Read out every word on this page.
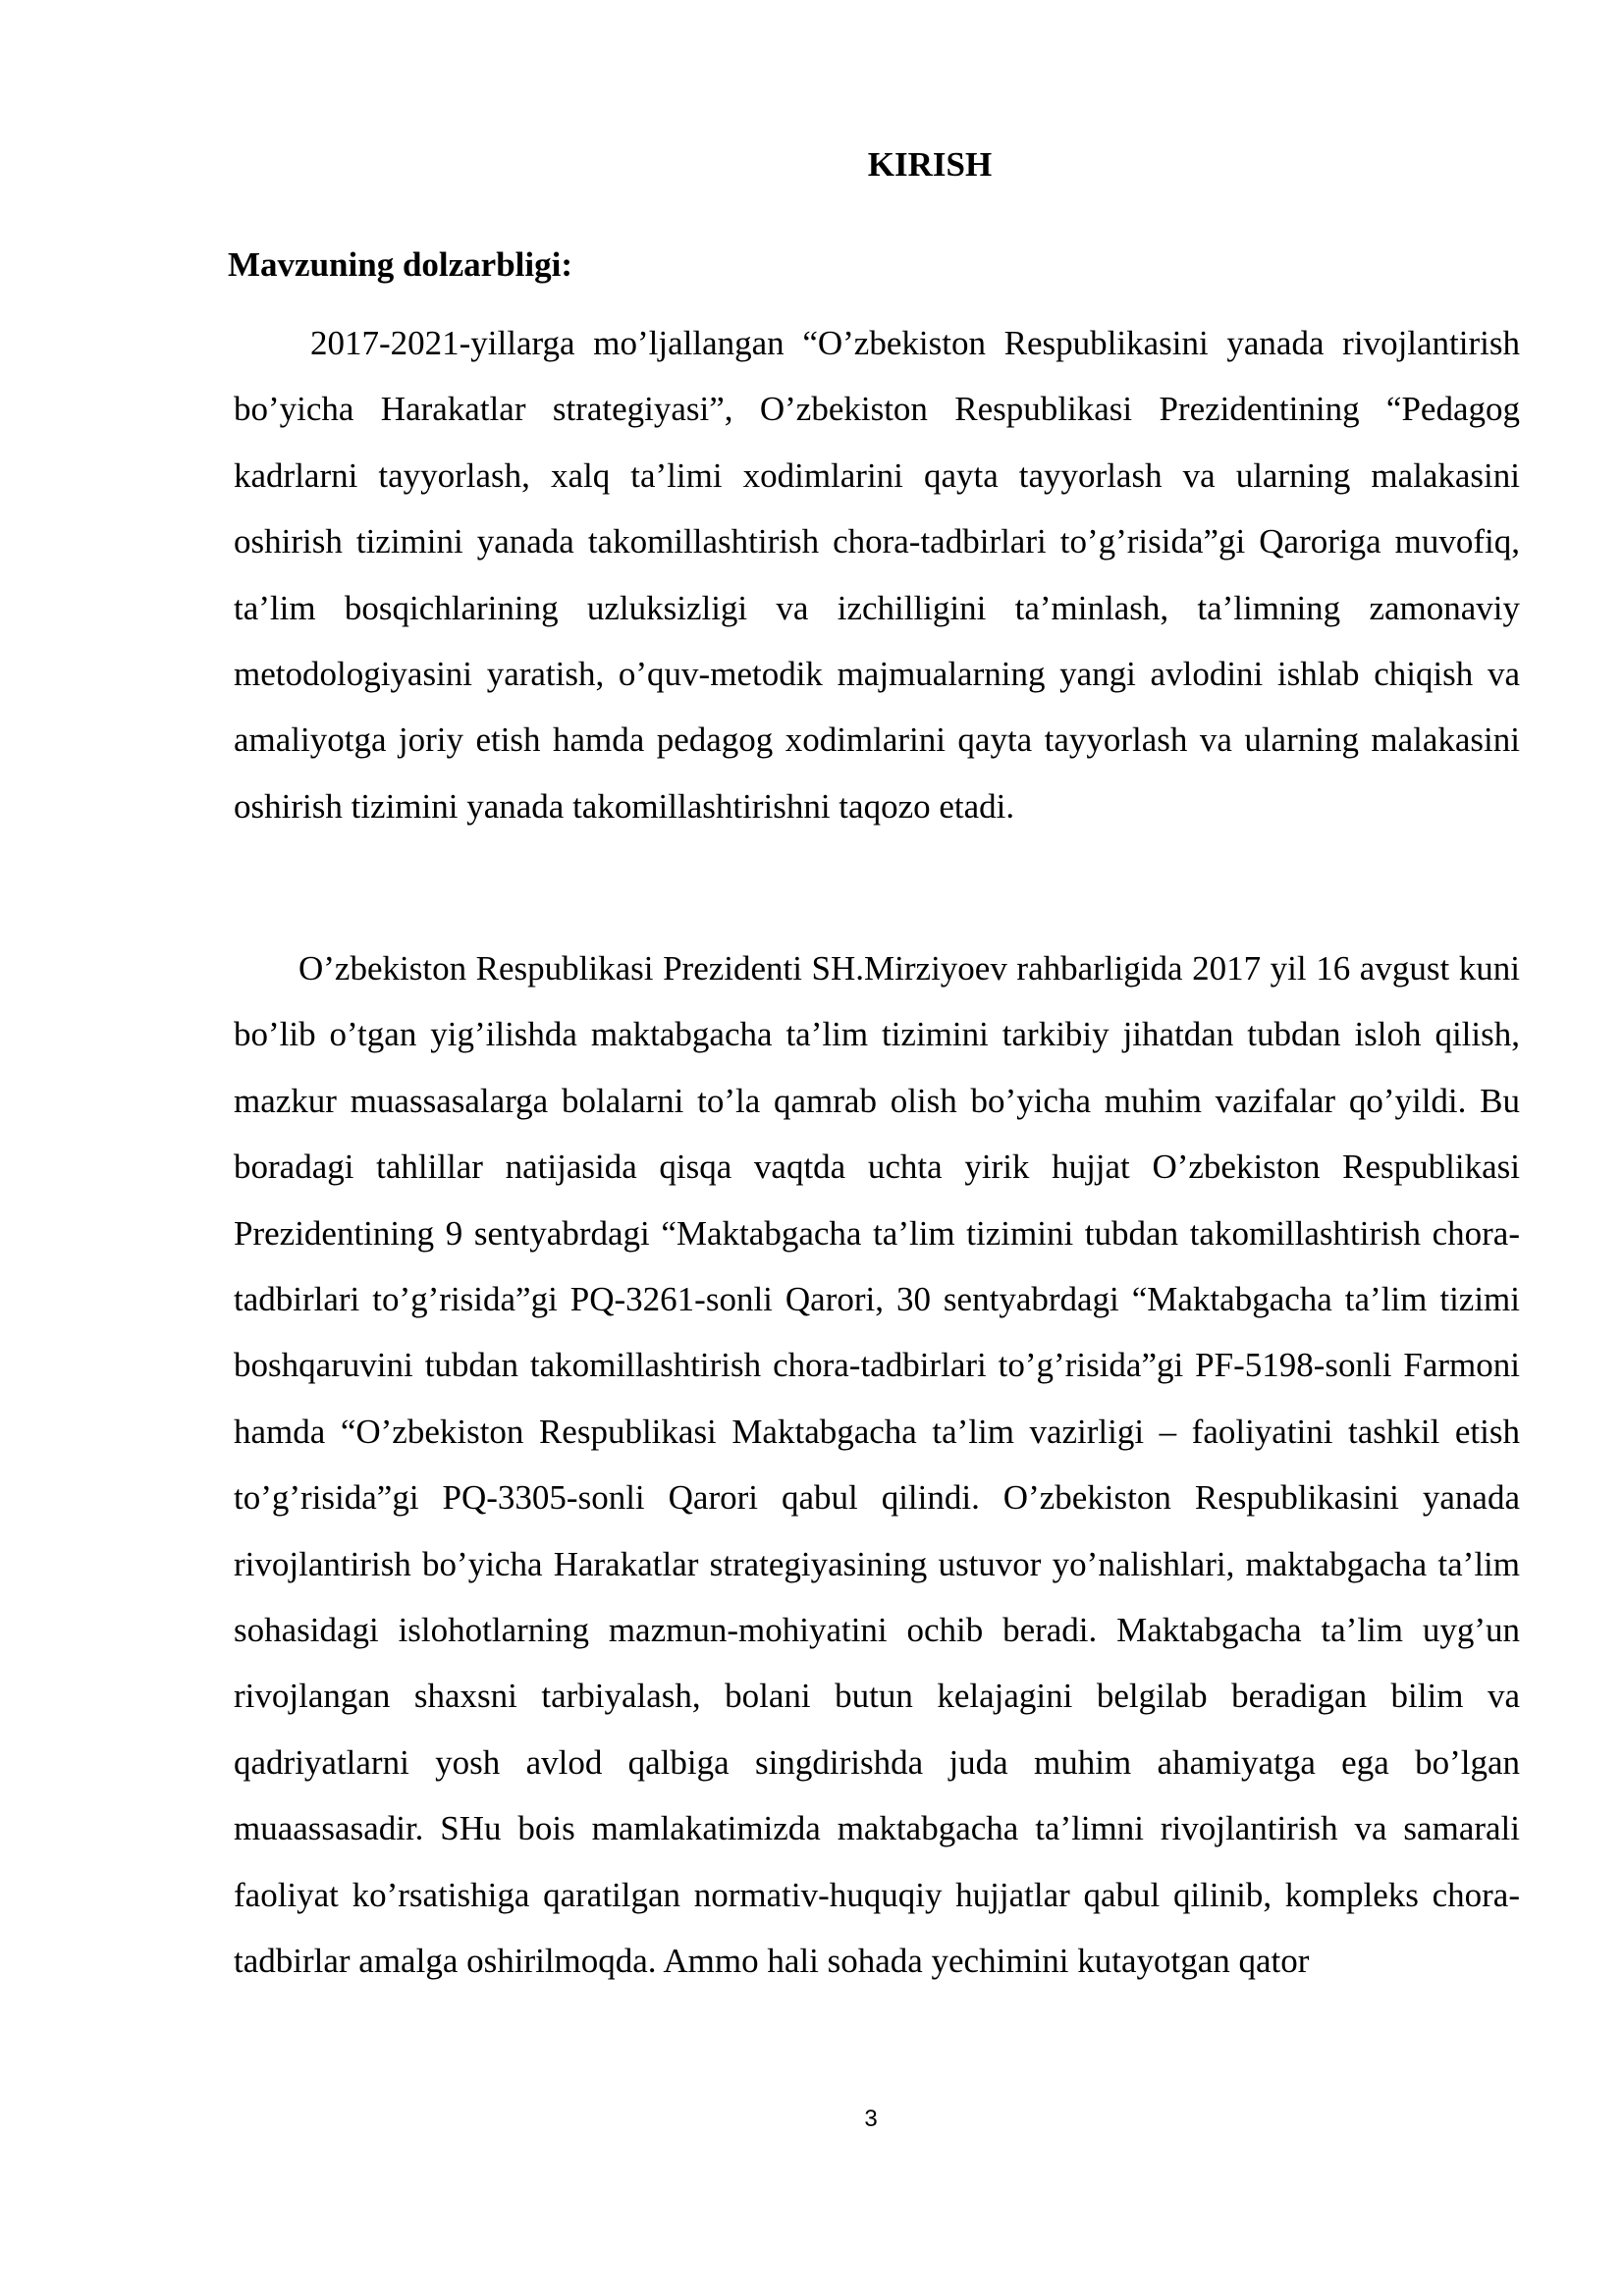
KIRISH
Mavzuning dolzarbligi:

2017-2021-yillarga mo’ljallangan “O’zbekiston Respublikasini yanada rivojlantirish bo’yicha Harakatlar strategiyasi”, O’zbekiston Respublikasi Prezidentining “Pedagog kadrlarni tayyorlash, xalq ta’limi xodimlarini qayta tayyorlash va ularning malakasini oshirish tizimini yanada takomillashtirish chora-tadbirlari to’g’risida”gi Qaroriga muvofiq, ta’lim bosqichlarining uzluksizligi va izchilligini ta’minlash, ta’limning zamonaviy metodologiyasini yaratish, o’quv-metodik majmualarning yangi avlodini ishlab chiqish va amaliyotga joriy etish hamda pedagog xodimlarini qayta tayyorlash va ularning malakasini oshirish tizimini yanada takomillashtirishni taqozo etadi.

O’zbekiston Respublikasi Prezidenti SH.Mirziyoev rahbarligida 2017 yil 16 avgust kuni bo’lib o’tgan yig’ilishda maktabgacha ta’lim tizimini tarkibiy jihatdan tubdan isloh qilish, mazkur muassasalarga bolalarni to’la qamrab olish bo’yicha muhim vazifalar qo’yildi. Bu boradagi tahlillar natijasida qisqa vaqtda uchta yirik hujjat O’zbekiston Respublikasi Prezidentining 9 sentyabrdagi “Maktabgacha ta’lim tizimini tubdan takomillashtirish chora-tadbirlari to’g’risida”gi PQ-3261-sonli Qarori, 30 sentyabrdagi “Maktabgacha ta’lim tizimi boshqaruvini tubdan takomillashtirish chora-tadbirlari to’g’risida”gi PF-5198-sonli Farmoni hamda “O’zbekiston Respublikasi Maktabgacha ta’lim vazirligi – faoliyatini tashkil etish to’g’risida”gi PQ-3305-sonli Qarori qabul qilindi. O’zbekiston Respublikasini yanada rivojlantirish bo’yicha Harakatlar strategiyasining ustuvor yo’nalishlari, maktabgacha ta’lim sohasidagi islohotlarning mazmun-mohiyatini ochib beradi. Maktabgacha ta’lim uyg’un rivojlangan shaxsni tarbiyalash, bolani butun kelajagini belgilab beradigan bilim va qadriyatlarni yosh avlod qalbiga singdirishda juda muhim ahamiyatga ega bo’lgan muaassasadir. SHu bois mamlakatimizda maktabgacha ta’limni rivojlantirish va samarali faoliyat ko’rsatishiga qaratilgan normativ-huquqiy hujjatlar qabul qilinib, kompleks chora-tadbirlar amalga oshirilmoqda. Ammo hali sohada yechimini kutayotgan qator

3
